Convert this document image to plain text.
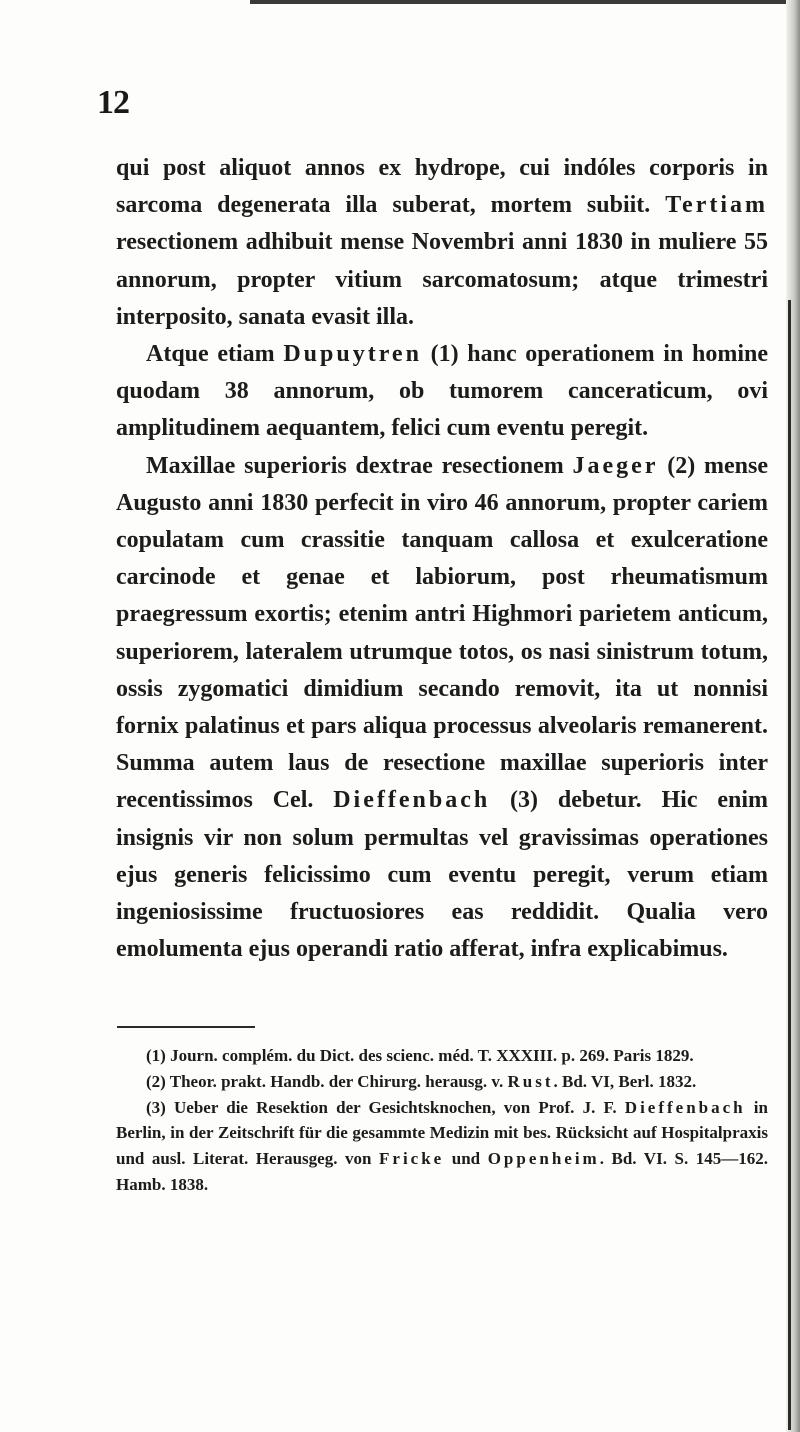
12

qui post aliquot annos ex hydrope, cui indóles corporis in sarcoma degenerata illa suberat, mortem subiit. Tertiam resectionem adhibuit mense Novembri anni 1830 in muliere 55 annorum, propter vitium sarcomatosum; atque trimestri interposito, sanata evasit illa.

Atque etiam Dupuytren (1) hanc operationem in homine quodam 38 annorum, ob tumorem canceraticum, ovi amplitudinem aequantem, felici cum eventu peregit.

Maxillae superioris dextrae resectionem Jaeger (2) mense Augusto anni 1830 perfecit in viro 46 annorum, propter cariem copulatam cum crassitie tanquam callosa et exulceratione carcinode et genae et labiorum, post rheumatismum praegressum exortis; etenim antri Highmori parietem anticum, superiorem, lateralem utrumque totos, os nasi sinistrum totum, ossis zygomatici dimidium secando removit, ita ut nonnisi fornix palatinus et pars aliqua processus alveolaris remanerent. Summa autem laus de resectione maxillae superioris inter recentissimos Cel. Dieffenbach (3) debetur. Hic enim insignis vir non solum permultas vel gravissimas operationes ejus generis felicissimo cum eventu peregit, verum etiam ingeniosissime fructuosiores eas reddidit. Qualia vero emolumenta ejus operandi ratio afferat, infra explicabimus.

(1) Journ. complém. du Dict. des scienc. méd. T. XXXIII. p. 269. Paris 1829.

(2) Theor. prakt. Handb. der Chirurg. herausg. v. Rust. Bd. VI, Berl. 1832.

(3) Ueber die Resektion der Gesichtsknochen, von Prof. J. F. Dieffenbach in Berlin, in der Zeitschrift für die gesammte Medizin mit bes. Rücksicht auf Hospitalpraxis und ausl. Literat. Herausgeg. von Fricke und Oppenheim. Bd. VI. S. 145—162. Hamb. 1838.
